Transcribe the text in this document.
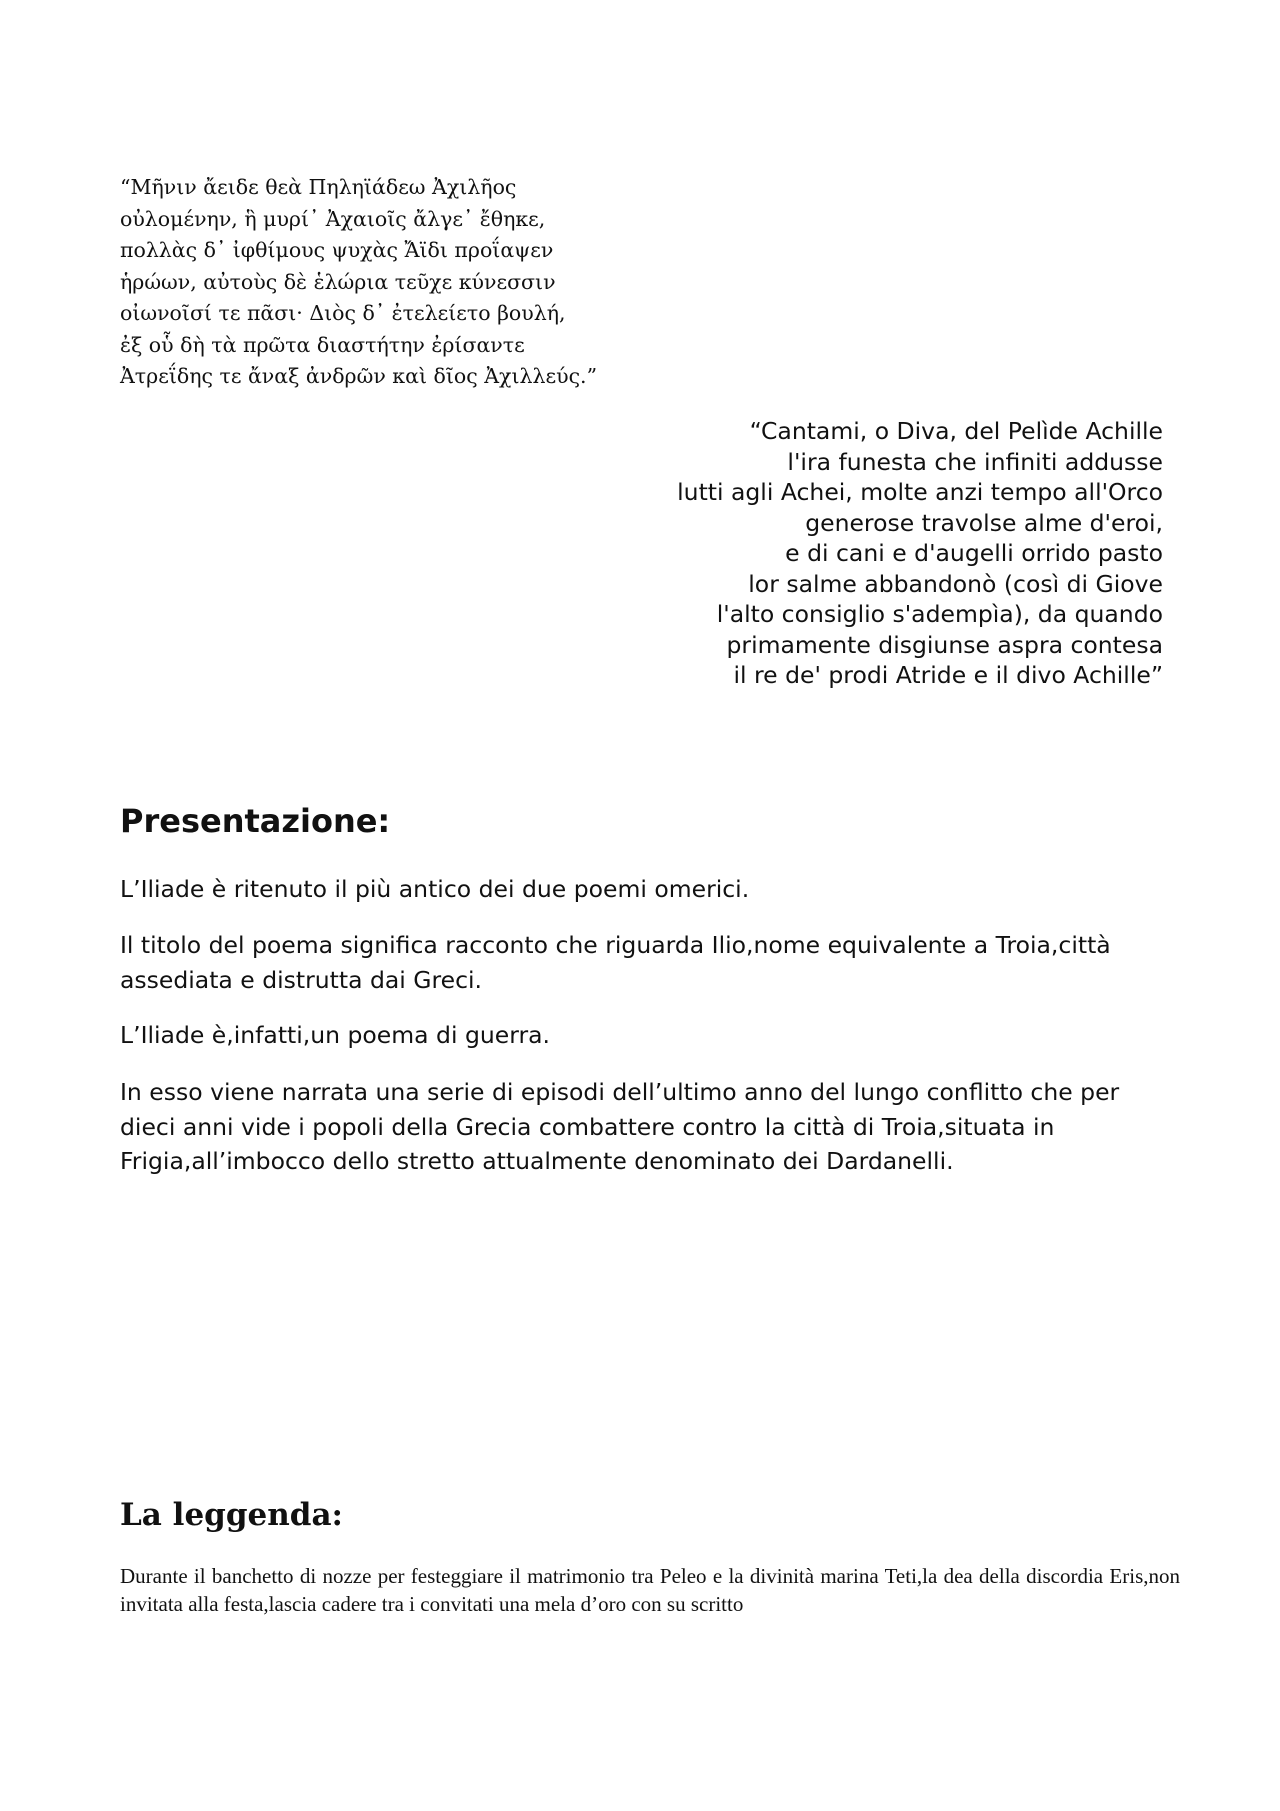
“Μῆνιν ἄειδε θεὰ Πηληϊάδεω Ἀχιλῆος
οὐλομένην, ἣ μυρί᾽ Ἀχαιοῖς ἄλγε᾽ ἔθηκε,
πολλὰς δ᾽ ἰφθίμους ψυχὰς Ἄϊδι προΐαψεν
ἡρώων, αὐτοὺς δὲ ἑλώρια τεῦχε κύνεσσιν
οἰωνοῖσί τε πᾶσι· Διὸς δ᾽ ἐτελείετο βουλή,
ἐξ οὗ δὴ τὰ πρῶτα διαστήτην ἐρίσαντε
Ἀτρεΐδης τε ἄναξ ἀνδρῶν καὶ δῖος Ἀχιλλεύς.”
“Cantami, o Diva, del Pelìde Achille
l'ira funesta che infiniti addusse
lutti agli Achei, molte anzi tempo all'Orco
generose travolse alme d'eroi,
e di cani e d'augelli orrido pasto
lor salme abbandonò (così di Giove
l'alto consiglio s'adempìa), da quando
primamente disgiunse aspra contesa
il re de' prodi Atride e il divo Achille”
Presentazione:
L’Iliade è ritenuto il più antico dei due poemi omerici.
Il titolo del poema significa racconto che riguarda Ilio,nome equivalente a Troia,città assediata e distrutta dai Greci.
L’Iliade è,infatti,un poema di guerra.
In esso viene narrata una serie di episodi dell’ultimo anno del lungo conflitto che per dieci anni vide i popoli della Grecia combattere contro la città di Troia,situata in Frigia,all’imbocco dello stretto attualmente denominato dei Dardanelli.
La leggenda:
Durante il banchetto di nozze per festeggiare il matrimonio tra Peleo e la divinità marina Teti,la dea della discordia Eris,non invitata alla festa,lascia cadere tra i convitati una mela d’oro con su scritto
